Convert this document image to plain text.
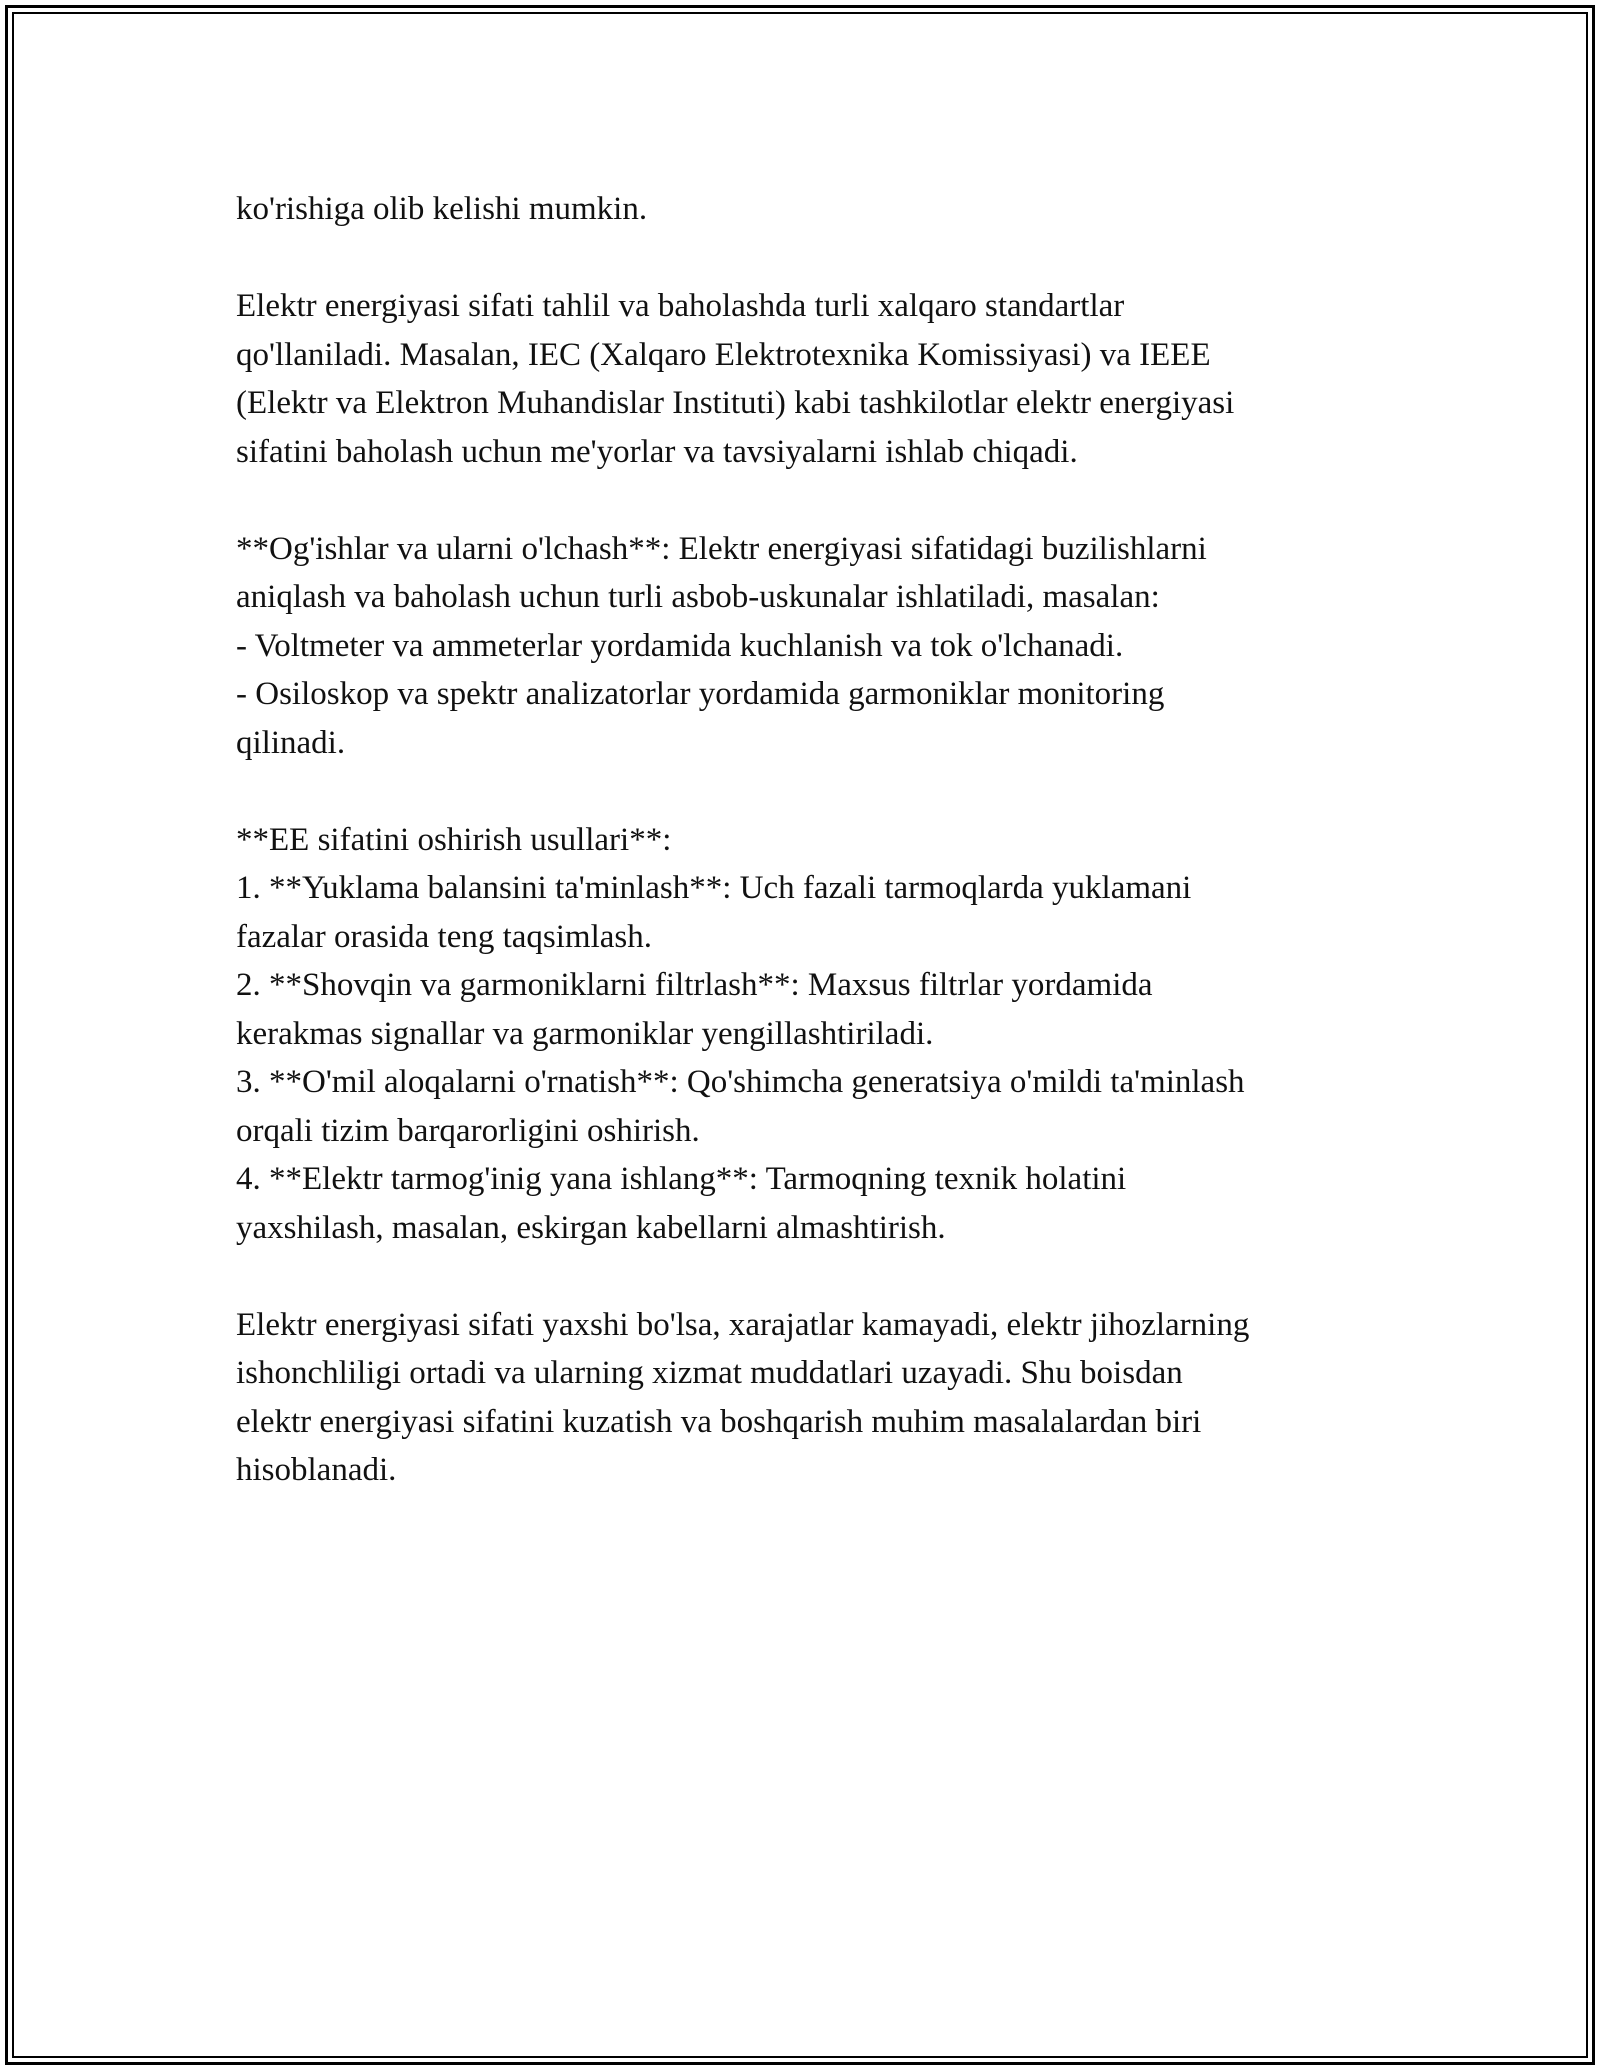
ko'rishiga olib kelishi mumkin.
Elektr energiyasi sifati tahlil va baholashda turli xalqaro standartlar
qo'llaniladi. Masalan, IEC (Xalqaro Elektrotexnika Komissiyasi) va IEEE
(Elektr va Elektron Muhandislar Instituti) kabi tashkilotlar elektr energiyasi
sifatini baholash uchun me'yorlar va tavsiyalarni ishlab chiqadi.
**Og'ishlar va ularni o'lchash**: Elektr energiyasi sifatidagi buzilishlarni
aniqlash va baholash uchun turli asbob-uskunalar ishlatiladi, masalan:
- Voltmeter va ammeterlar yordamida kuchlanish va tok o'lchanadi.
- Osiloskop va spektr analizatorlar yordamida garmoniklar monitoring
qilinadi.
**EE sifatini oshirish usullari**:
1. **Yuklama balansini ta'minlash**: Uch fazali tarmoqlarda yuklamani
fazalar orasida teng taqsimlash.
2. **Shovqin va garmoniklarni filtrlash**: Maxsus filtrlar yordamida
kerakmas signallar va garmoniklar yengillashtiriladi.
3. **O'mil aloqalarni o'rnatish**: Qo'shimcha generatsiya o'mildi ta'minlash
orqali tizim barqarorligini oshirish.
4. **Elektr tarmog'inig yana ishlang**: Tarmoqning texnik holatini
yaxshilash, masalan, eskirgan kabellarni almashtirish.
Elektr energiyasi sifati yaxshi bo'lsa, xarajatlar kamayadi, elektr jihozlarning
ishonchliligi ortadi va ularning xizmat muddatlari uzayadi. Shu boisdan
elektr energiyasi sifatini kuzatish va boshqarish muhim masalalardan biri
hisoblanadi.
